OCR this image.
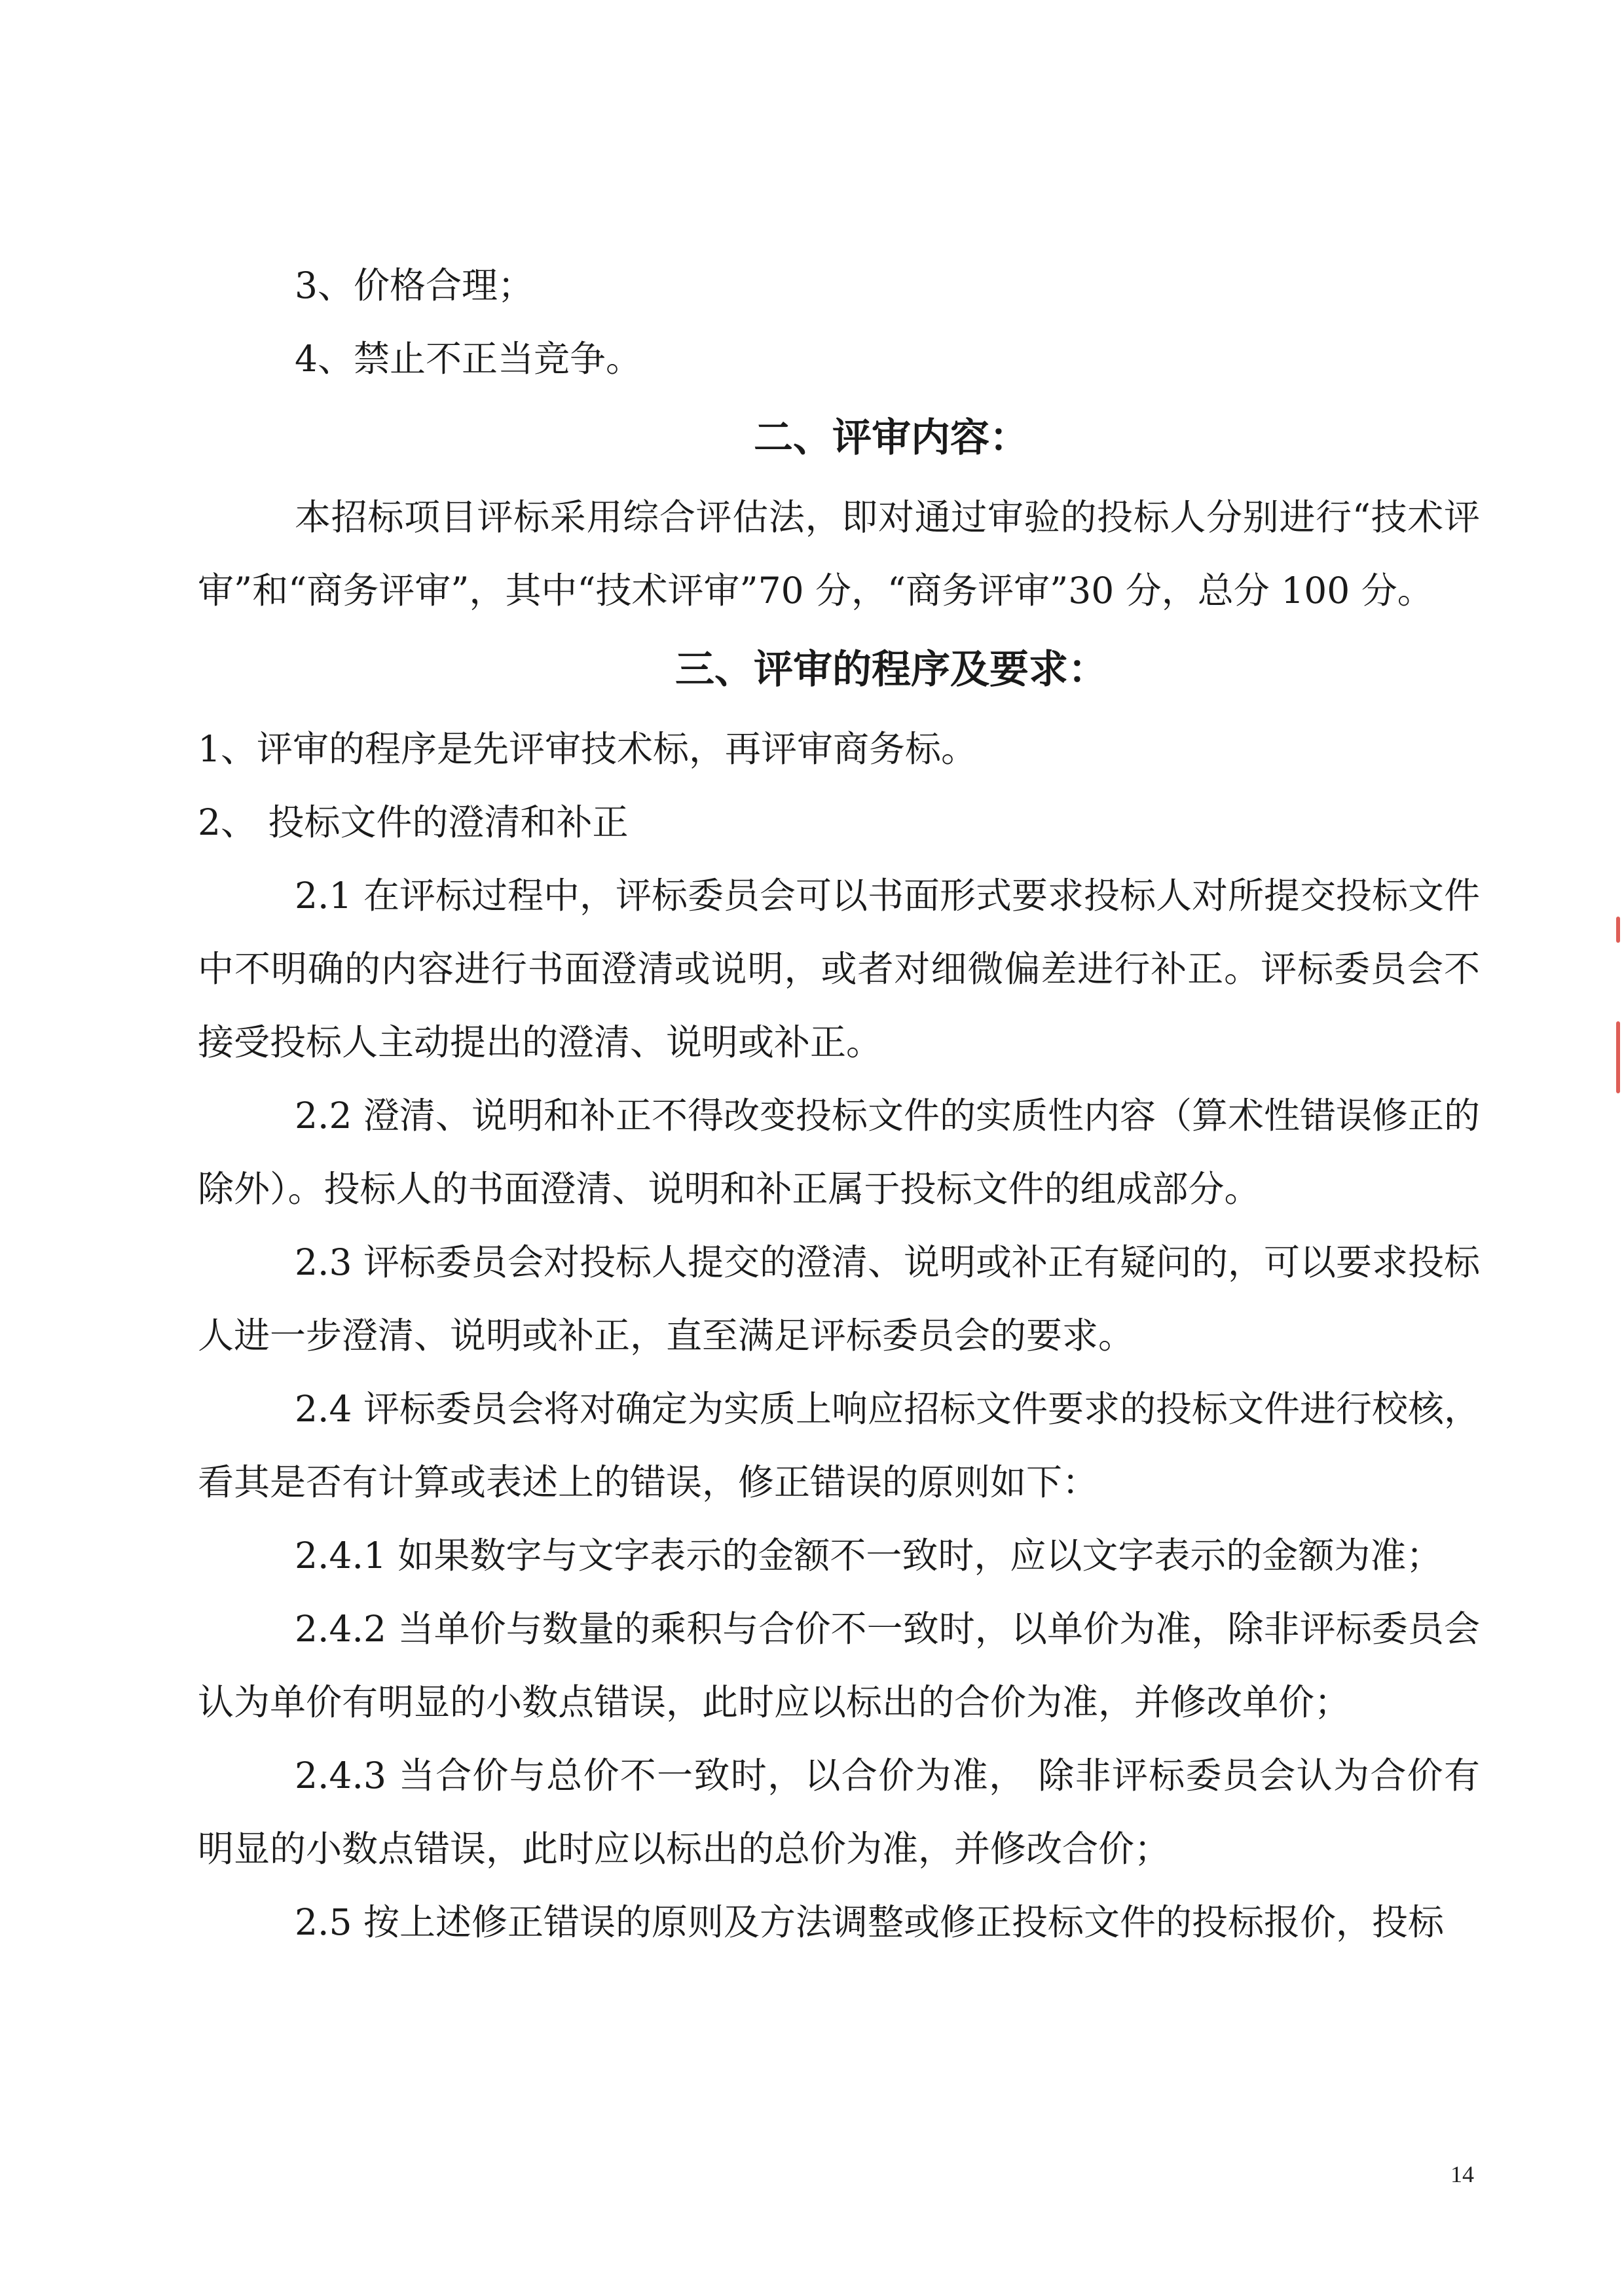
3、价格合理；

4、禁止不正当竞争。

二、评审内容：

本招标项目评标采用综合评估法，即对通过审验的投标人分别进行“技术评审”和“商务评审”，其中“技术评审”70 分，“商务评审”30 分，总分 100 分。

三、评审的程序及要求：

1、评审的程序是先评审技术标，再评审商务标。

2、 投标文件的澄清和补正

2.1 在评标过程中，评标委员会可以书面形式要求投标人对所提交投标文件中不明确的内容进行书面澄清或说明，或者对细微偏差进行补正。评标委员会不接受投标人主动提出的澄清、说明或补正。

2.2 澄清、说明和补正不得改变投标文件的实质性内容（算术性错误修正的除外）。投标人的书面澄清、说明和补正属于投标文件的组成部分。

2.3 评标委员会对投标人提交的澄清、说明或补正有疑问的，可以要求投标人进一步澄清、说明或补正，直至满足评标委员会的要求。

2.4 评标委员会将对确定为实质上响应招标文件要求的投标文件进行校核，看其是否有计算或表述上的错误，修正错误的原则如下：

2.4.1 如果数字与文字表示的金额不一致时，应以文字表示的金额为准；

2.4.2 当单价与数量的乘积与合价不一致时，以单价为准，除非评标委员会认为单价有明显的小数点错误，此时应以标出的合价为准，并修改单价；

2.4.3 当合价与总价不一致时，以合价为准， 除非评标委员会认为合价有明显的小数点错误，此时应以标出的总价为准，并修改合价；

2.5 按上述修正错误的原则及方法调整或修正投标文件的投标报价，投标

14
